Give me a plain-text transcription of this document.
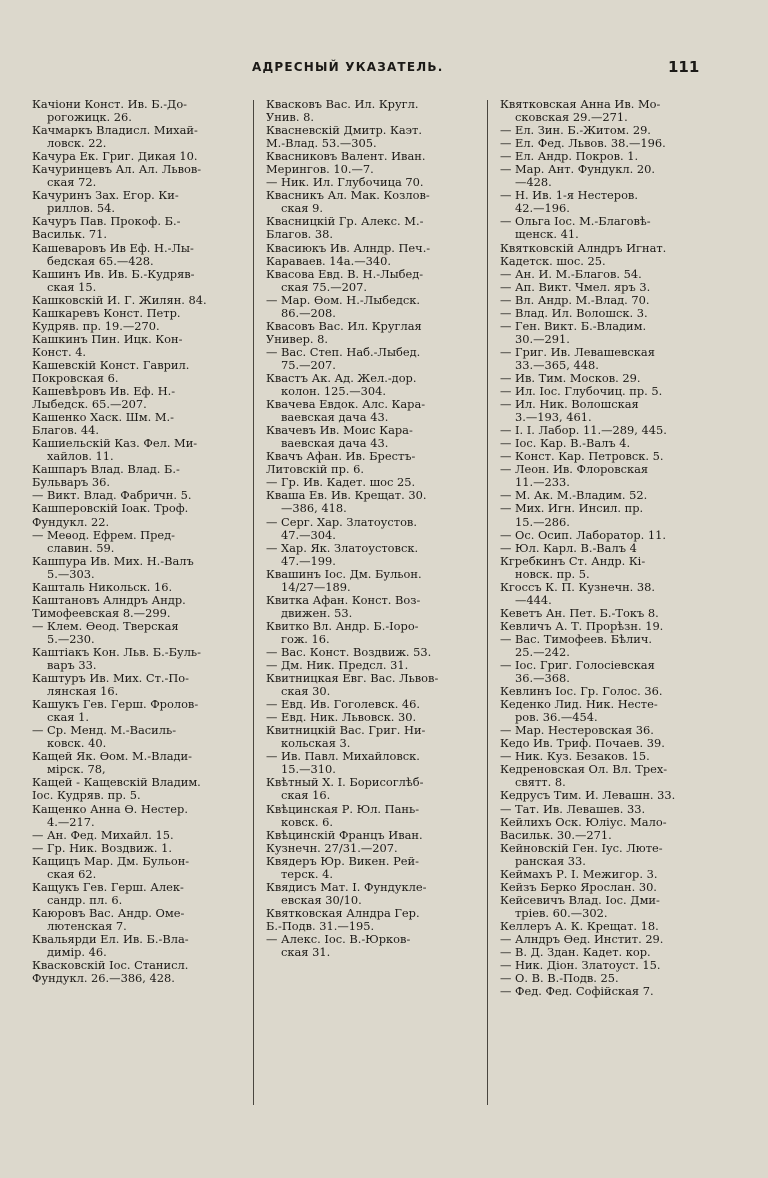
АДРЕСНЫЙ УКАЗАТЕЛЬ.	111
Качіони Конст. Ив. Б.-До-
рогожицк. 26.
Качмаркъ Владисл. Михай-
ловск. 22.
Качура Ек. Григ. Дикая 10.
Качуринцевъ Ал. Ал. Львов-
ская 72.
Качуринъ Зах. Егор. Ки-
риллов. 54.
Качуръ Пав. Прокоф. Б.-
Васильк. 71.
Кашеваровъ Ив Еф. Н.-Лы-
бедская 65.—428.
Кашинъ Ив. Ив. Б.-Кудряв-
ская 15.
Кашковскій И. Г. Жилян. 84.
Кашкаревъ Конст. Петр.
Кудряв. пр. 19.—270.
Кашкинъ Пин. Ицк. Кон-
Конст. 4.
Кашевскій Конст. Гаврил.
Покровская 6.
Кашевѣровъ Ив. Еф. Н.-
Лыбедск. 65.—207.
Кашенко Хаск. Шм. М.-
Благов. 44.
Кашиельскій Каз. Фел. Ми-
хайлов. 11.
Кашпаръ Влад. Влад. Б.-
Бульваръ 36.
— Викт. Влад. Фабричн. 5.
Кашперовскій Іоак. Троф.
Фундукл. 22.
— Меѳод. Ефрем. Пред-
славин. 59.
Кашпура Ив. Мих. Н.-Валъ
5.—303.
Кашталь Никольск. 16.
Каштановъ Алндръ Андр.
Тимофеевская 8.—299.
— Клем. Ѳеод. Тверская
5.—230.
Каштіакъ Кон. Льв. Б.-Буль-
варъ 33.
Каштуръ Ив. Мих. Ст.-По-
лянская 16.
Кашукъ Гев. Герш. Фролов-
ская 1.
— Ср. Менд. М.-Василь-
ковск. 40.
Кащей Як. Ѳом. М.-Влади-
мірск. 78,
Кащей - Кащевскій Владим.
Іос. Кудряв. пр. 5.
Кащенко Анна Ѳ. Нестер.
4.—217.
— Ан. Фед. Михайл. 15.
— Гр. Ник. Воздвиж. 1.
Кащицъ Мар. Дм. Бульон-
ская 62.
Кащукъ Гев. Герш. Алек-
сандр. пл. 6.
Каюровъ Вас. Андр. Оме-
лютенская 7.
Квальярди Ел. Ив. Б.-Вла-
димір. 46.
Квасковскій Іос. Станисл.
Фундукл. 26.—386, 428.
Квасковъ Вас. Ил. Кругл.
Унив. 8.
Квасневскій Дмитр. Каэт.
М.-Влад. 53.—305.
Квасниковъ Валент. Иван.
Мерингов. 10.—7.
— Ник. Ил. Глубочица 70.
Квасникъ Ал. Мак. Козлов-
ская 9.
Квасницкій Гр. Алекс. М.-
Благов. 38.
Квасиюкъ Ив. Алндр. Печ.-
Караваев. 14а.—340.
Квасова Евд. В. Н.-Лыбед-
ская 75.—207.
— Мар. Ѳом. Н.-Лыбедск.
86.—208.
Квасовъ Вас. Ил. Круглая
Универ. 8.
— Вас. Степ. Наб.-Лыбед.
75.—207.
Квастъ Ак. Ад. Жел.-дор.
колон. 125.—304.
Квачева Евдок. Алс. Кара-
ваевская дача 43.
Квачевъ Ив. Моис Кара-
ваевская дача 43.
Квачъ Афан. Ив. Брестъ-
Литовскій пр. 6.
— Гр. Ив. Кадет. шос 25.
Кваша Ев. Ив. Крещат. 30.
—386, 418.
— Серг. Хар. Златоустов.
47.—304.
— Хар. Як. Златоустовск.
47.—199.
Квашинъ Іос. Дм. Бульон.
14/27—189.
Квитка Афан. Конст. Воз-
движен. 53.
Квитко Вл. Андр. Б.-Іорo-
гож. 16.
— Вас. Конст. Воздвиж. 53.
— Дм. Ник. Предсл. 31.
Квитницкая Евг. Вас. Львов-
ская 30.
— Евд. Ив. Гоголевск. 46.
— Евд. Ник. Львовск. 30.
Квитницкій Вас. Григ. Ни-
кольская 3.
— Ив. Павл. Михайловск.
15.—310.
Квѣтный Х. І. Борисоглѣб-
ская 16.
Квѣцинская Р. Юл. Пань-
ковск. 6.
Квѣцинскій Францъ Иван.
Кузнечн. 27/31.—207.
Квядеръ Юр. Викен. Рей-
терск. 4.
Квядисъ Мат. І. Фундуклe-
евская 30/10.
Квятковская Алндра Гер.
Б.-Подв. 31.—195.
— Алекс. Іос. В.-Юрков-
ская 31.
Квятковская Анна Ив. Мо-
сковская 29.—271.
— Ел. Зин. Б.-Житом. 29.
— Ел. Фед. Львов. 38.—196.
— Ел. Андр. Покров. 1.
— Мар. Ант. Фундукл. 20.
—428.
— Н. Ив. 1-я Нестеров.
42.—196.
— Ольга Іос. М.-Благовѣ-
щенск. 41.
Квятковскій Алндръ Игнат.
Кадетск. шос. 25.
— Ан. И. М.-Благов. 54.
— Ап. Викт. Чмел. яръ 3.
— Вл. Андр. М.-Влад. 70.
— Влад. Ил. Волошск. 3.
— Ген. Викт. Б.-Владим.
30.—291.
— Григ. Ив. Левашевская
33.—365, 448.
— Ив. Тим. Москов. 29.
— Ил. Іос. Глубочиц. пр. 5.
— Ил. Ник. Волошская
3.—193, 461.
— І. І. Лабор. 11.—289, 445.
— Іос. Кар. В.-Валъ 4.
— Конст. Кар. Петровск. 5.
— Леон. Ив. Флоровская
11.—233.
— М. Ак. М.-Владим. 52.
— Мих. Игн. Инсил. пр.
15.—286.
— Ос. Осип. Лаборатор. 11.
— Юл. Карл. В.-Валъ 4
Кгребкинъ Ст. Андр. Кі-
новск. пр. 5.
Кгоссъ К. П. Кузнечн. 38.
—444.
Кеветъ Ан. Пет. Б.-Токъ 8.
Кевличъ А. Т. Прорѣзн. 19.
— Вас. Тимофеев. Бѣлич.
25.—242.
— Іос. Григ. Голосіевская
36.—368.
Кевлинъ Іос. Гр. Голос. 36.
Кеденко Лид. Ник. Несте-
ров. 36.—454.
— Мар. Нестеровская 36.
Кедо Ив. Триф. Почаев. 39.
— Ник. Куз. Безаков. 15.
Кедреновская Ол. Вл. Трех-
святт. 8.
Кедрусъ Тим. И. Левашн. 33.
— Тат. Ив. Левашев. 33.
Кейлихъ Оск. Юліус. Мало-
Васильк. 30.—271.
Кейновскій Ген. Іус. Люте-
ранская 33.
Кеймахъ Р. І. Межигор. 3.
Кейзъ Берко Ярослан. 30.
Кейсевичъ Влад. Іос. Дми-
тріев. 60.—302.
Келлеръ А. К. Крещат. 18.
— Алндръ Ѳед. Инстит. 29.
— В. Д. Здан. Кадет. кор.
— Ник. Діон. Златоуст. 15.
— О. В. В.-Подв. 25.
— Фед. Фед. Софійская 7.
